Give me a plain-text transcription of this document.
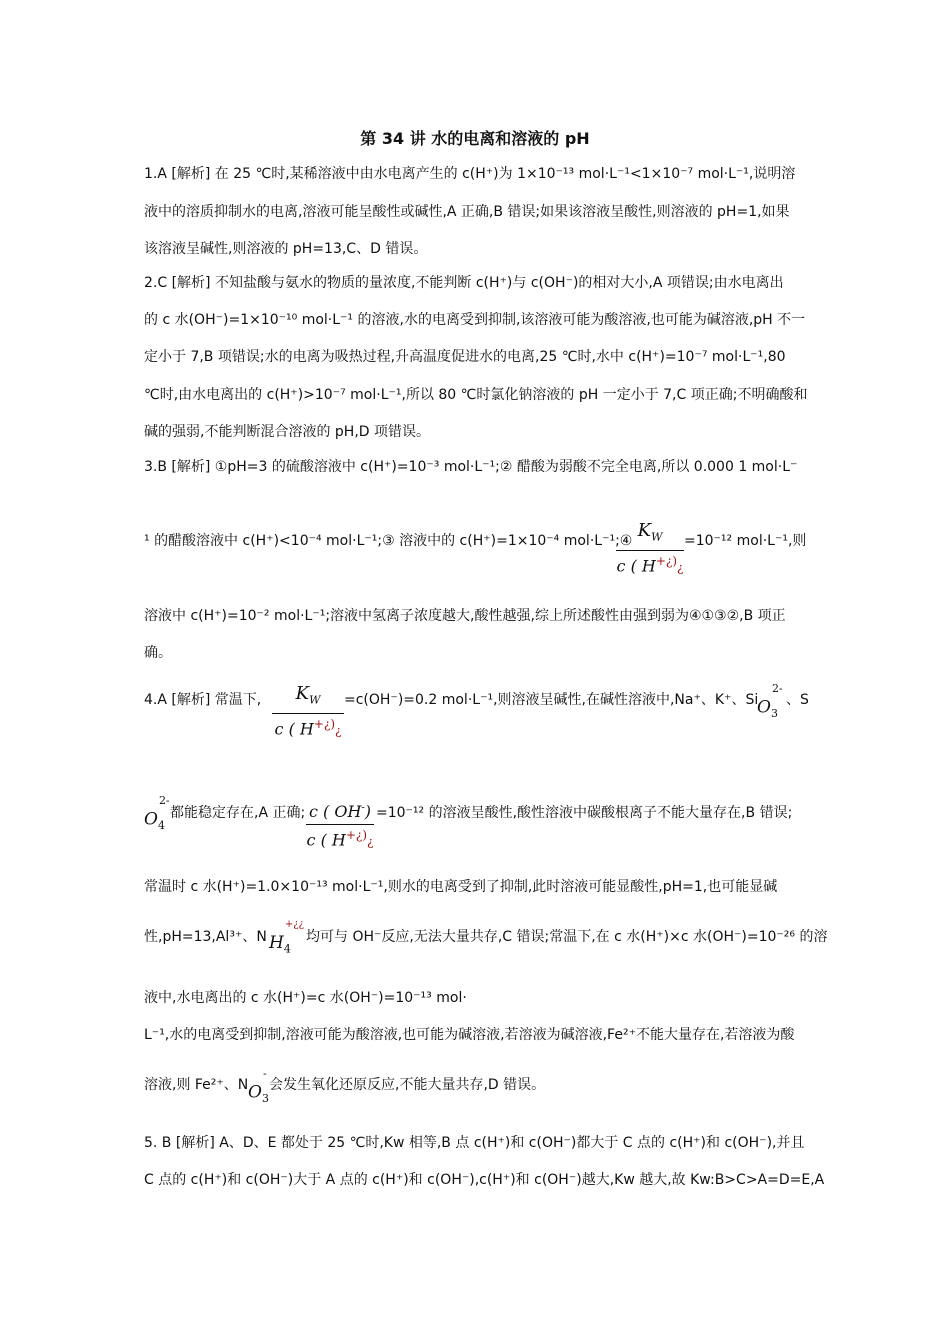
第 34 讲 水的电离和溶液的 pH
1.A [解析] 在 25 ℃时,某稀溶液中由水电离产生的 c(H⁺)为 1×10⁻¹³ mol·L⁻¹<1×10⁻⁷ mol·L⁻¹,说明溶
液中的溶质抑制水的电离,溶液可能呈酸性或碱性,A 正确,B 错误;如果该溶液呈酸性,则溶液的 pH=1,如果
该溶液呈碱性,则溶液的 pH=13,C、D 错误。
2.C [解析] 不知盐酸与氨水的物质的量浓度,不能判断 c(H⁺)与 c(OH⁻)的相对大小,A 项错误;由水电离出
的 c 水(OH⁻)=1×10⁻¹⁰ mol·L⁻¹ 的溶液,水的电离受到抑制,该溶液可能为酸溶液,也可能为碱溶液,pH 不一
定小于 7,B 项错误;水的电离为吸热过程,升高温度促进水的电离,25 ℃时,水中 c(H⁺)=10⁻⁷ mol·L⁻¹,80
℃时,由水电离出的 c(H⁺)>10⁻⁷ mol·L⁻¹,所以 80 ℃时氯化钠溶液的 pH 一定小于 7,C 项正确;不明确酸和
碱的强弱,不能判断混合溶液的 pH,D 项错误。
3.B [解析] ①pH=3 的硫酸溶液中 c(H⁺)=10⁻³ mol·L⁻¹;② 醋酸为弱酸不完全电离,所以 0.000 1 mol·L⁻
¹ 的醋酸溶液中 c(H⁺)<10⁻⁴ mol·L⁻¹;③ 溶液中的 c(H⁺)=1×10⁻⁴ mol·L⁻¹;④ $K_W$
c ( H+¿)¿
=10⁻¹² mol·L⁻¹,则
溶液中 c(H⁺)=10⁻² mol·L⁻¹;溶液中氢离子浓度越大,酸性越强,综上所述酸性由强到弱为④①③②,B 项正
确。
4.A [解析] 常温下,	$K_W$
c ( H+¿)¿
=c(OH⁻)=0.2 mol·L⁻¹,则溶液呈碱性,在碱性溶液中,Na⁺、K⁺、Si
$O_3^{2-}$
、S
$O_4^{2-}$
都能稳定存在,A 正确; c ( OH-)
c ( H+¿)¿
=10⁻¹² 的溶液呈酸性,酸性溶液中碳酸根离子不能大量存在,B 错误;
常温时 c 水(H⁺)=1.0×10⁻¹³ mol·L⁻¹,则水的电离受到了抑制,此时溶液可能显酸性,pH=1,也可能显碱
性,pH=13,Al³⁺、N $H_4^{+¿¿}$
均可与 OH⁻反应,无法大量共存,C 错误;常温下,在 c 水(H⁺)×c 水(OH⁻)=10⁻²⁶ 的溶
液中,水电离出的 c 水(H⁺)=c 水(OH⁻)=10⁻¹³ mol·
L⁻¹,水的电离受到抑制,溶液可能为酸溶液,也可能为碱溶液,若溶液为碱溶液,Fe²⁺不能大量存在,若溶液为酸
溶液,则 Fe²⁺、N $O_3^-$
会发生氧化还原反应,不能大量共存,D 错误。
5. B [解析] A、D、E 都处于 25 ℃时,Kw 相等,B 点 c(H⁺)和 c(OH⁻)都大于 C 点的 c(H⁺)和 c(OH⁻),并且
C 点的 c(H⁺)和 c(OH⁻)大于 A 点的 c(H⁺)和 c(OH⁻),c(H⁺)和 c(OH⁻)越大,Kw 越大,故 Kw:B>C>A=D=E,A
